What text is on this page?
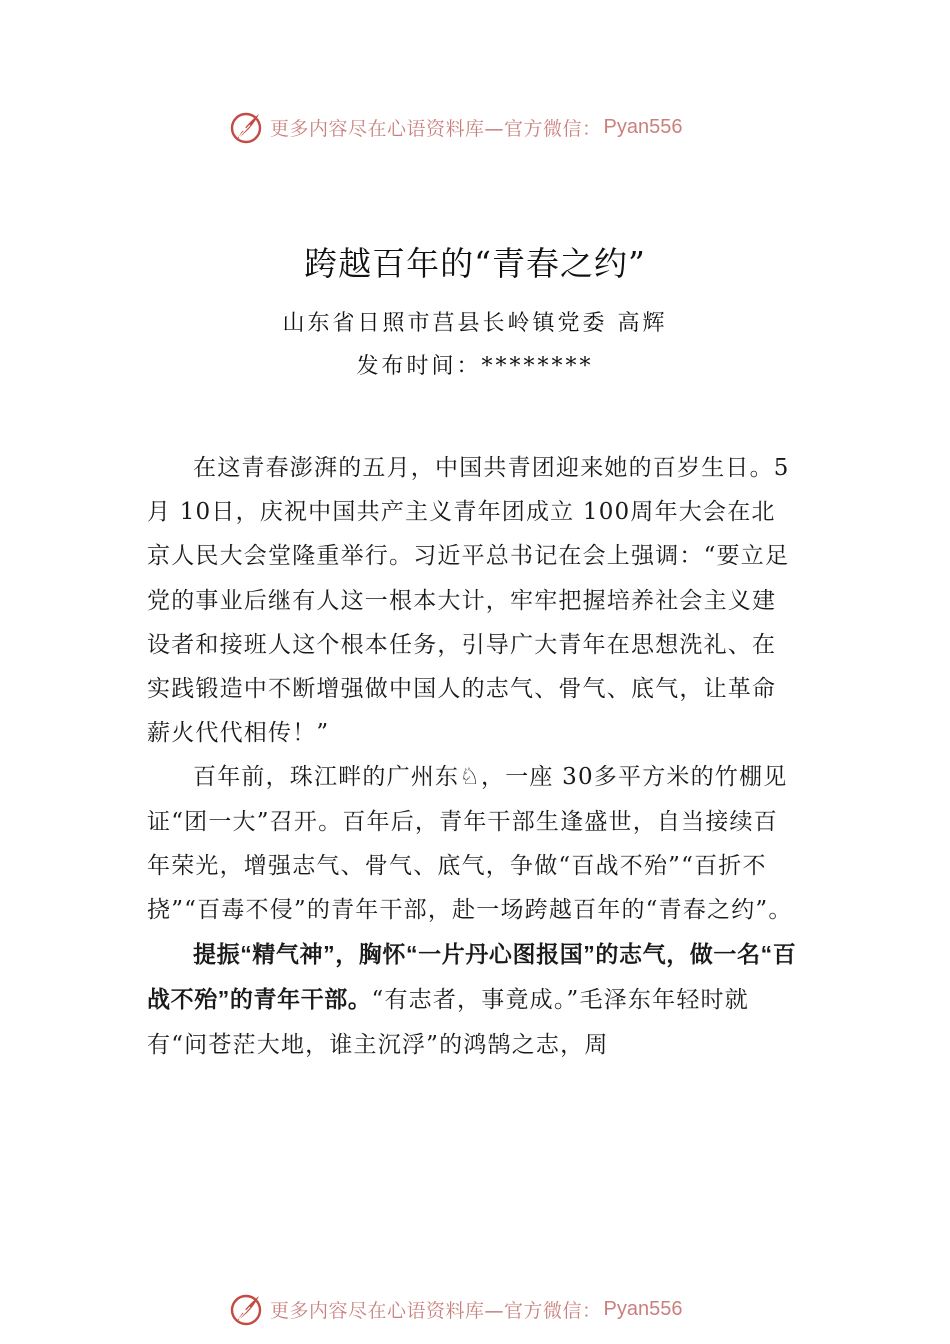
更多内容尽在心语资料库—官方微信： Pyan556
跨越百年的“青春之约”
山东省日照市莒县长岭镇党委 高辉
发布时间：********

在这青春澎湃的五月，中国共青团迎来她的百岁生日。5月 10日，庆祝中国共产主义青年团成立 100周年大会在北京人民大会堂隆重举行。习近平总书记在会上强调：“要立足党的事业后继有人这一根本大计，牢牢把握培养社会主义建设者和接班人这个根本任务，引导广大青年在思想洗礼、在实践锻造中不断增强做中国人的志气、骨气、底气，让革命薪火代代相传！”

百年前，珠江畔的广州东♘，一座 30多平方米的竹棚见证“团一大”召开。百年后，青年干部生逢盛世，自当接续百年荣光，增强志气、骨气、底气，争做“百战不殆”“百折不挠”“百毒不侵”的青年干部，赴一场跨越百年的“青春之约”。

提振“精气神”，胸怀“一片丹心图报国”的志气，做一名“百战不殆”的青年干部。“有志者，事竟成。”毛泽东年轻时就有“问苍茫大地，谁主沉浮”的鸿鹄之志，周

更多内容尽在心语资料库—官方微信： Pyan556
